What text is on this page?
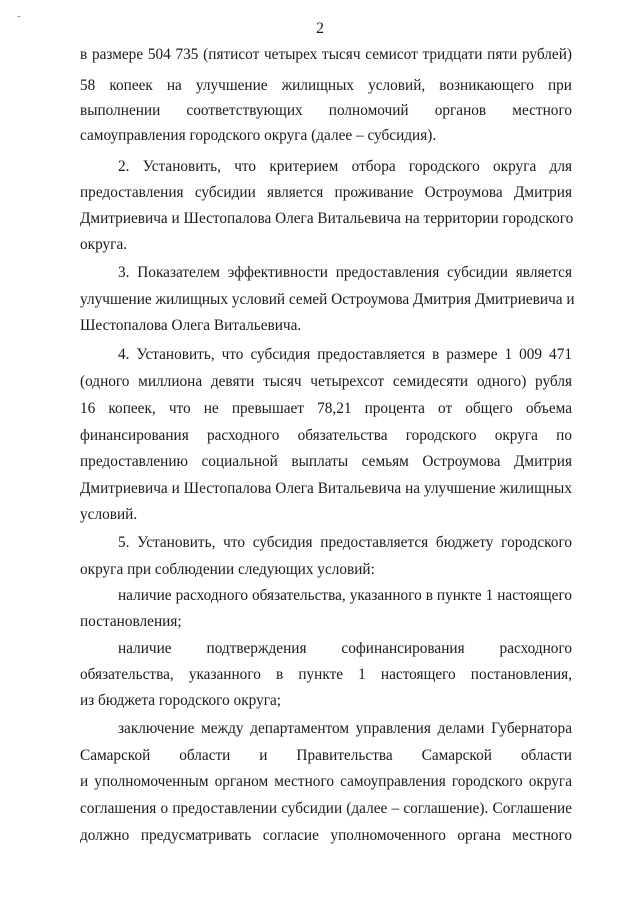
-
2
в размере 504 735 (пятисот четырех тысяч семисот тридцати пяти рублей)
58 копеек на улучшение жилищных условий, возникающего при
выполнении соответствующих полномочий органов местного
самоуправления городского округа (далее – субсидия).
2. Установить, что критерием отбора городского округа для
предоставления субсидии является проживание Остроумова Дмитрия
Дмитриевича и Шестопалова Олега Витальевича на территории городского
округа.
3. Показателем эффективности предоставления субсидии является
улучшение жилищных условий семей Остроумова Дмитрия Дмитриевича и
Шестопалова Олега Витальевича.
4. Установить, что субсидия предоставляется в размере 1 009 471
(одного миллиона девяти тысяч четырехсот семидесяти одного) рубля
16 копеек, что не превышает 78,21 процента от общего объема
финансирования расходного обязательства городского округа по
предоставлению социальной выплаты семьям Остроумова Дмитрия
Дмитриевича и Шестопалова Олега Витальевича на улучшение жилищных
условий.
5. Установить, что субсидия предоставляется бюджету городского
округа при соблюдении следующих условий:
наличие расходного обязательства, указанного в пункте 1 настоящего
постановления;
наличие подтверждения софинансирования расходного
обязательства, указанного в пункте 1 настоящего постановления,
из бюджета городского округа;
заключение между департаментом управления делами Губернатора
Самарской области и Правительства Самарской области
и уполномоченным органом местного самоуправления городского округа
соглашения о предоставлении субсидии (далее – соглашение). Соглашение
должно предусматривать согласие уполномоченного органа местного
